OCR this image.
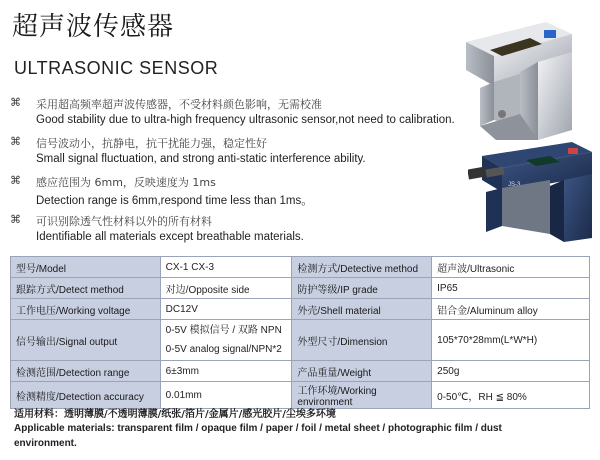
超声波传感器
ULTRASONIC SENSOR
⌘ 采用超高频率超声波传感器，不受材料颜色影响，无需校准
Good stability due to ultra-high frequency ultrasonic sensor,not need to calibration.
⌘ 信号波动小，抗静电，抗干扰能力强，稳定性好
Small signal fluctuation, and strong anti-static interference ability.
⌘ 感应范围为 6mm，反映速度为 1ms
Detection range is 6mm,respond time less than 1ms。
⌘ 可识别除透气性材料以外的所有材料
Identifiable all materials except breathable materials.
JS-3
型号/Model	CX-1 CX-3	检测方式/Detective method	超声波/Ultrasonic
跟踪方式/Detect method	对边/Opposite side	防护等级/IP grade	IP65
工作电压/Working voltage	DC12V	外壳/Shell material	铝合金/Aluminum alloy
信号输出/Signal output	0-5V 模拟信号 / 双路 NPN
0-5V analog signal/NPN*2	外型尺寸/Dimension	105*70*28mm(L*W*H)
检测范围/Detection range	6±3mm	产品重量/Weight	250g
检测精度/Detection accuracy	0.01mm	工作环境/Working environment	0-50℃，RH ≦ 80%
适用材料：透明薄膜/不透明薄膜/纸张/箔片/金属片/感光胶片/尘埃多环境
Applicable materials: transparent film / opaque film / paper / foil / metal sheet / photographic film / dust environment.
